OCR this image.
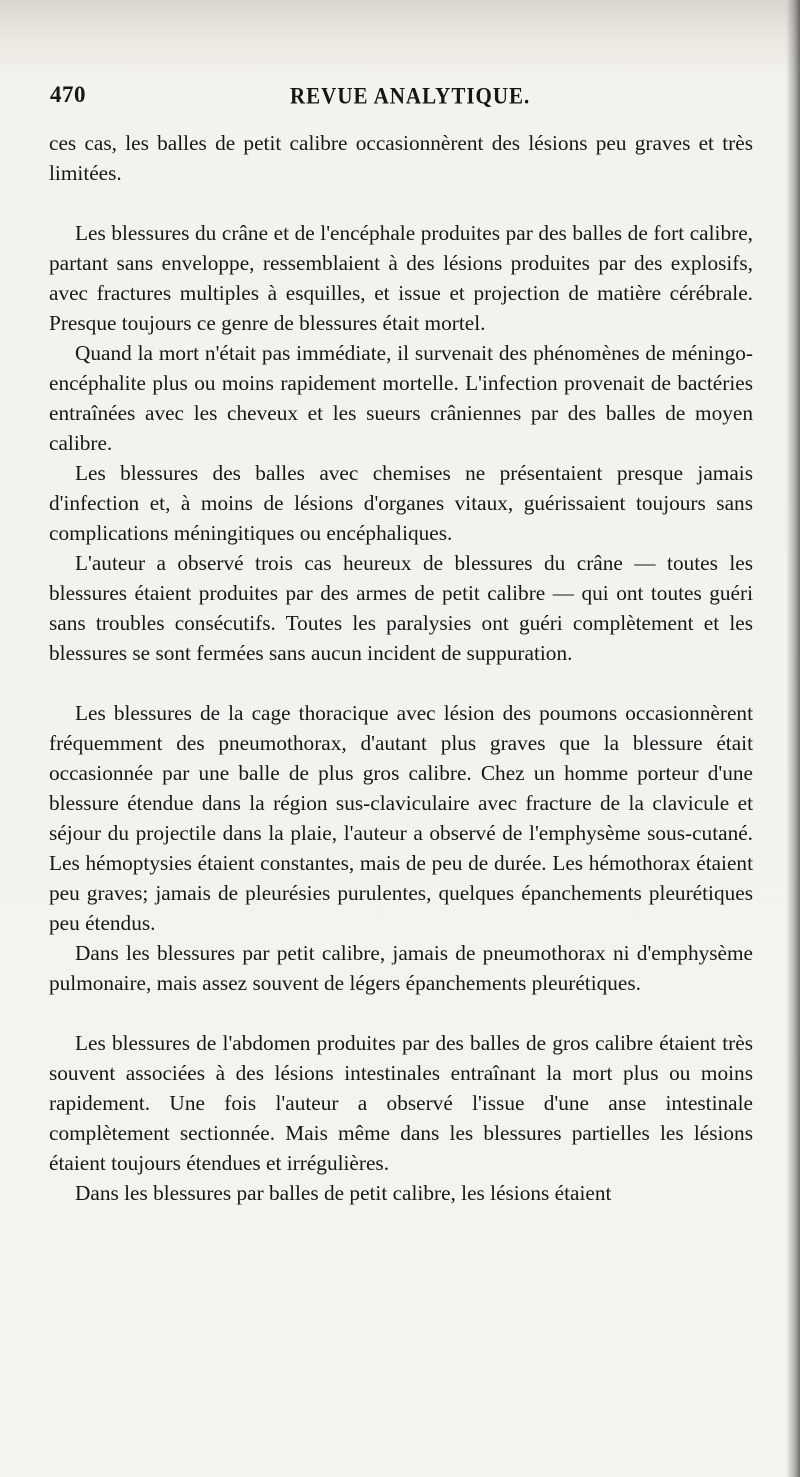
470	REVUE ANALYTIQUE.

ces cas, les balles de petit calibre occasionnèrent des lésions peu graves et très limitées.

Les blessures du crâne et de l'encéphale produites par des balles de fort calibre, partant sans enveloppe, ressemblaient à des lésions produites par des explosifs, avec fractures multiples à esquilles, et issue et projection de matière cérébrale. Presque toujours ce genre de blessures était mortel.

Quand la mort n'était pas immédiate, il survenait des phénomènes de méningo-encéphalite plus ou moins rapidement mortelle. L'infection provenait de bactéries entraînées avec les cheveux et les sueurs crâniennes par des balles de moyen calibre.

Les blessures des balles avec chemises ne présentaient presque jamais d'infection et, à moins de lésions d'organes vitaux, guérissaient toujours sans complications méningitiques ou encéphaliques.

L'auteur a observé trois cas heureux de blessures du crâne — toutes les blessures étaient produites par des armes de petit calibre — qui ont toutes guéri sans troubles consécutifs. Toutes les paralysies ont guéri complètement et les blessures se sont fermées sans aucun incident de suppuration.

Les blessures de la cage thoracique avec lésion des poumons occasionnèrent fréquemment des pneumothorax, d'autant plus graves que la blessure était occasionnée par une balle de plus gros calibre. Chez un homme porteur d'une blessure étendue dans la région sus-claviculaire avec fracture de la clavicule et séjour du projectile dans la plaie, l'auteur a observé de l'emphysème sous-cutané. Les hémoptysies étaient constantes, mais de peu de durée. Les hémothorax étaient peu graves; jamais de pleurésies purulentes, quelques épanchements pleurétiques peu étendus.

Dans les blessures par petit calibre, jamais de pneumothorax ni d'emphysème pulmonaire, mais assez souvent de légers épanchements pleurétiques.

Les blessures de l'abdomen produites par des balles de gros calibre étaient très souvent associées à des lésions intestinales entraînant la mort plus ou moins rapidement. Une fois l'auteur a observé l'issue d'une anse intestinale complètement sectionnée. Mais même dans les blessures partielles les lésions étaient toujours étendues et irrégulières.

Dans les blessures par balles de petit calibre, les lésions étaient
